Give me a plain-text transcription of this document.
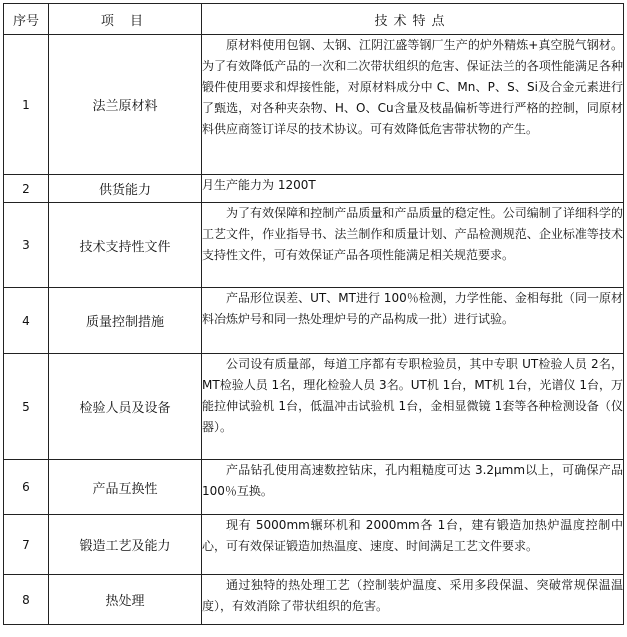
序号	项 目	技术特点
1	法兰原材料	原材料使用包钢、太钢、江阴江盛等钢厂生产的炉外精炼+真空脱气钢材。为了有效降低产品的一次和二次带状组织的危害、保证法兰的各项性能满足各种锻件使用要求和焊接性能，对原材料成分中 C、Mn、P、S、Si及合金元素进行了甄选，对各种夹杂物、H、O、Cu含量及枝晶偏析等进行严格的控制，同原材料供应商签订详尽的技术协议。可有效降低危害带状物的产生。

2	供货能力	月生产能力为 1200T

3	技术支持性文件	为了有效保障和控制产品质量和产品质量的稳定性。公司编制了详细科学的工艺文件，作业指导书、法兰制作和质量计划、产品检测规范、企业标准等技术支持性文件，可有效保证产品各项性能满足相关规范要求。

4	质量控制措施	产品形位误差、UT、MT进行 100％检测，力学性能、金相每批（同一原材料冶炼炉号和同一热处理炉号的产品构成一批）进行试验。

5	检验人员及设备	公司设有质量部，每道工序都有专职检验员，其中专职 UT检验人员 2名，MT检验人员 1名，理化检验人员 3名。UT机 1台，MT机 1台，光谱仪 1台，万能拉伸试验机 1台，低温冲击试验机 1台，金相显微镜 1套等各种检测设备（仪器）。

6	产品互换性	产品钻孔使用高速数控钻床，孔内粗糙度可达 3.2μmm以上，可确保产品 100％互换。

7	锻造工艺及能力	现有 5000mm辗环机和 2000mm各 1台，建有锻造加热炉温度控制中心，可有效保证锻造加热温度、速度、时间满足工艺文件要求。

8	热处理	通过独特的热处理工艺（控制装炉温度、采用多段保温、突破常规保温温度），有效消除了带状组织的危害。
